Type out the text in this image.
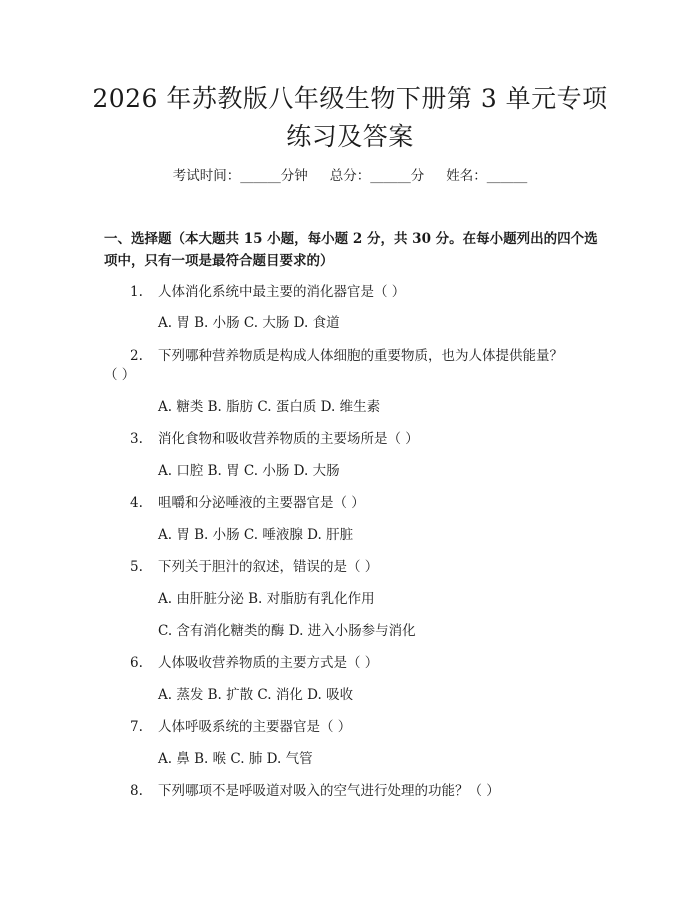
2026 年苏教版八年级生物下册第 3 单元专项
练习及答案
考试时间：______分钟 总分：______分 姓名：______
一、选择题（本大题共 15 小题，每小题 2 分，共 30 分。在每小题列出的四个选
项中，只有一项是最符合题目要求的）
1. 人体消化系统中最主要的消化器官是（ ）
A. 胃 B. 小肠 C. 大肠 D. 食道
2. 下列哪种营养物质是构成人体细胞的重要物质，也为人体提供能量？
（ ）
A. 糖类 B. 脂肪 C. 蛋白质 D. 维生素
3. 消化食物和吸收营养物质的主要场所是（ ）
A. 口腔 B. 胃 C. 小肠 D. 大肠
4. 咀嚼和分泌唾液的主要器官是（ ）
A. 胃 B. 小肠 C. 唾液腺 D. 肝脏
5. 下列关于胆汁的叙述，错误的是（ ）
A. 由肝脏分泌 B. 对脂肪有乳化作用
C. 含有消化糖类的酶 D. 进入小肠参与消化
6. 人体吸收营养物质的主要方式是（ ）
A. 蒸发 B. 扩散 C. 消化 D. 吸收
7. 人体呼吸系统的主要器官是（ ）
A. 鼻 B. 喉 C. 肺 D. 气管
8. 下列哪项不是呼吸道对吸入的空气进行处理的功能？（ ）
